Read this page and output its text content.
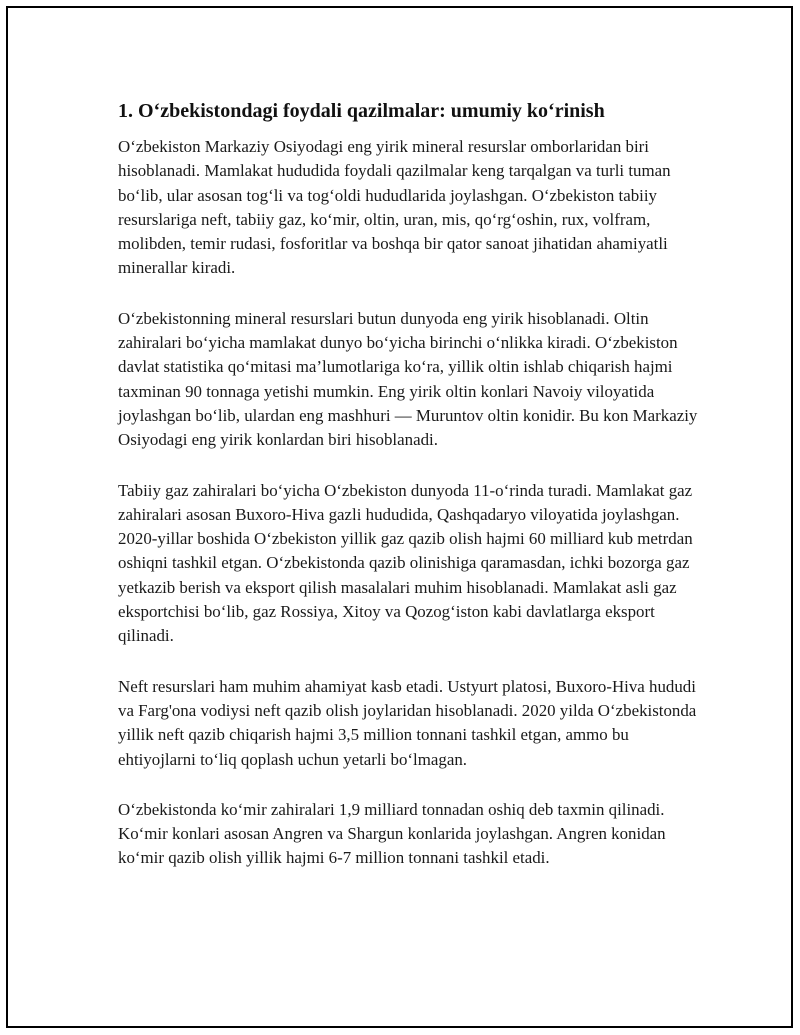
1. O‘zbekistondagi foydali qazilmalar: umumiy ko‘rinish

O‘zbekiston Markaziy Osiyodagi eng yirik mineral resurslar omborlaridan biri hisoblanadi. Mamlakat hududida foydali qazilmalar keng tarqalgan va turli tuman bo‘lib, ular asosan tog‘li va tog‘oldi hududlarida joylashgan. O‘zbekiston tabiiy resurslariga neft, tabiiy gaz, ko‘mir, oltin, uran, mis, qo‘rg‘oshin, rux, volfram, molibden, temir rudasi, fosforitlar va boshqa bir qator sanoat jihatidan ahamiyatli minerallar kiradi.

O‘zbekistonning mineral resurslari butun dunyoda eng yirik hisoblanadi. Oltin zahiralari bo‘yicha mamlakat dunyo bo‘yicha birinchi o‘nlikka kiradi. O‘zbekiston davlat statistika qo‘mitasi ma’lumotlariga ko‘ra, yillik oltin ishlab chiqarish hajmi taxminan 90 tonnaga yetishi mumkin. Eng yirik oltin konlari Navoiy viloyatida joylashgan bo‘lib, ulardan eng mashhuri — Muruntov oltin konidir. Bu kon Markaziy Osiyodagi eng yirik konlardan biri hisoblanadi.

Tabiiy gaz zahiralari bo‘yicha O‘zbekiston dunyoda 11-o‘rinda turadi. Mamlakat gaz zahiralari asosan Buxoro-Hiva gazli hududida, Qashqadaryo viloyatida joylashgan. 2020-yillar boshida O‘zbekiston yillik gaz qazib olish hajmi 60 milliard kub metrdan oshiqni tashkil etgan. O‘zbekistonda qazib olinishiga qaramasdan, ichki bozorga gaz yetkazib berish va eksport qilish masalalari muhim hisoblanadi. Mamlakat asli gaz eksportchisi bo‘lib, gaz Rossiya, Xitoy va Qozog‘iston kabi davlatlarga eksport qilinadi.

Neft resurslari ham muhim ahamiyat kasb etadi. Ustyurt platosi, Buxoro-Hiva hududi va Farg'ona vodiysi neft qazib olish joylaridan hisoblanadi. 2020 yilda O‘zbekistonda yillik neft qazib chiqarish hajmi 3,5 million tonnani tashkil etgan, ammo bu ehtiyojlarni to‘liq qoplash uchun yetarli bo‘lmagan.

O‘zbekistonda ko‘mir zahiralari 1,9 milliard tonnadan oshiq deb taxmin qilinadi. Ko‘mir konlari asosan Angren va Shargun konlarida joylashgan. Angren konidan ko‘mir qazib olish yillik hajmi 6-7 million tonnani tashkil etadi.
